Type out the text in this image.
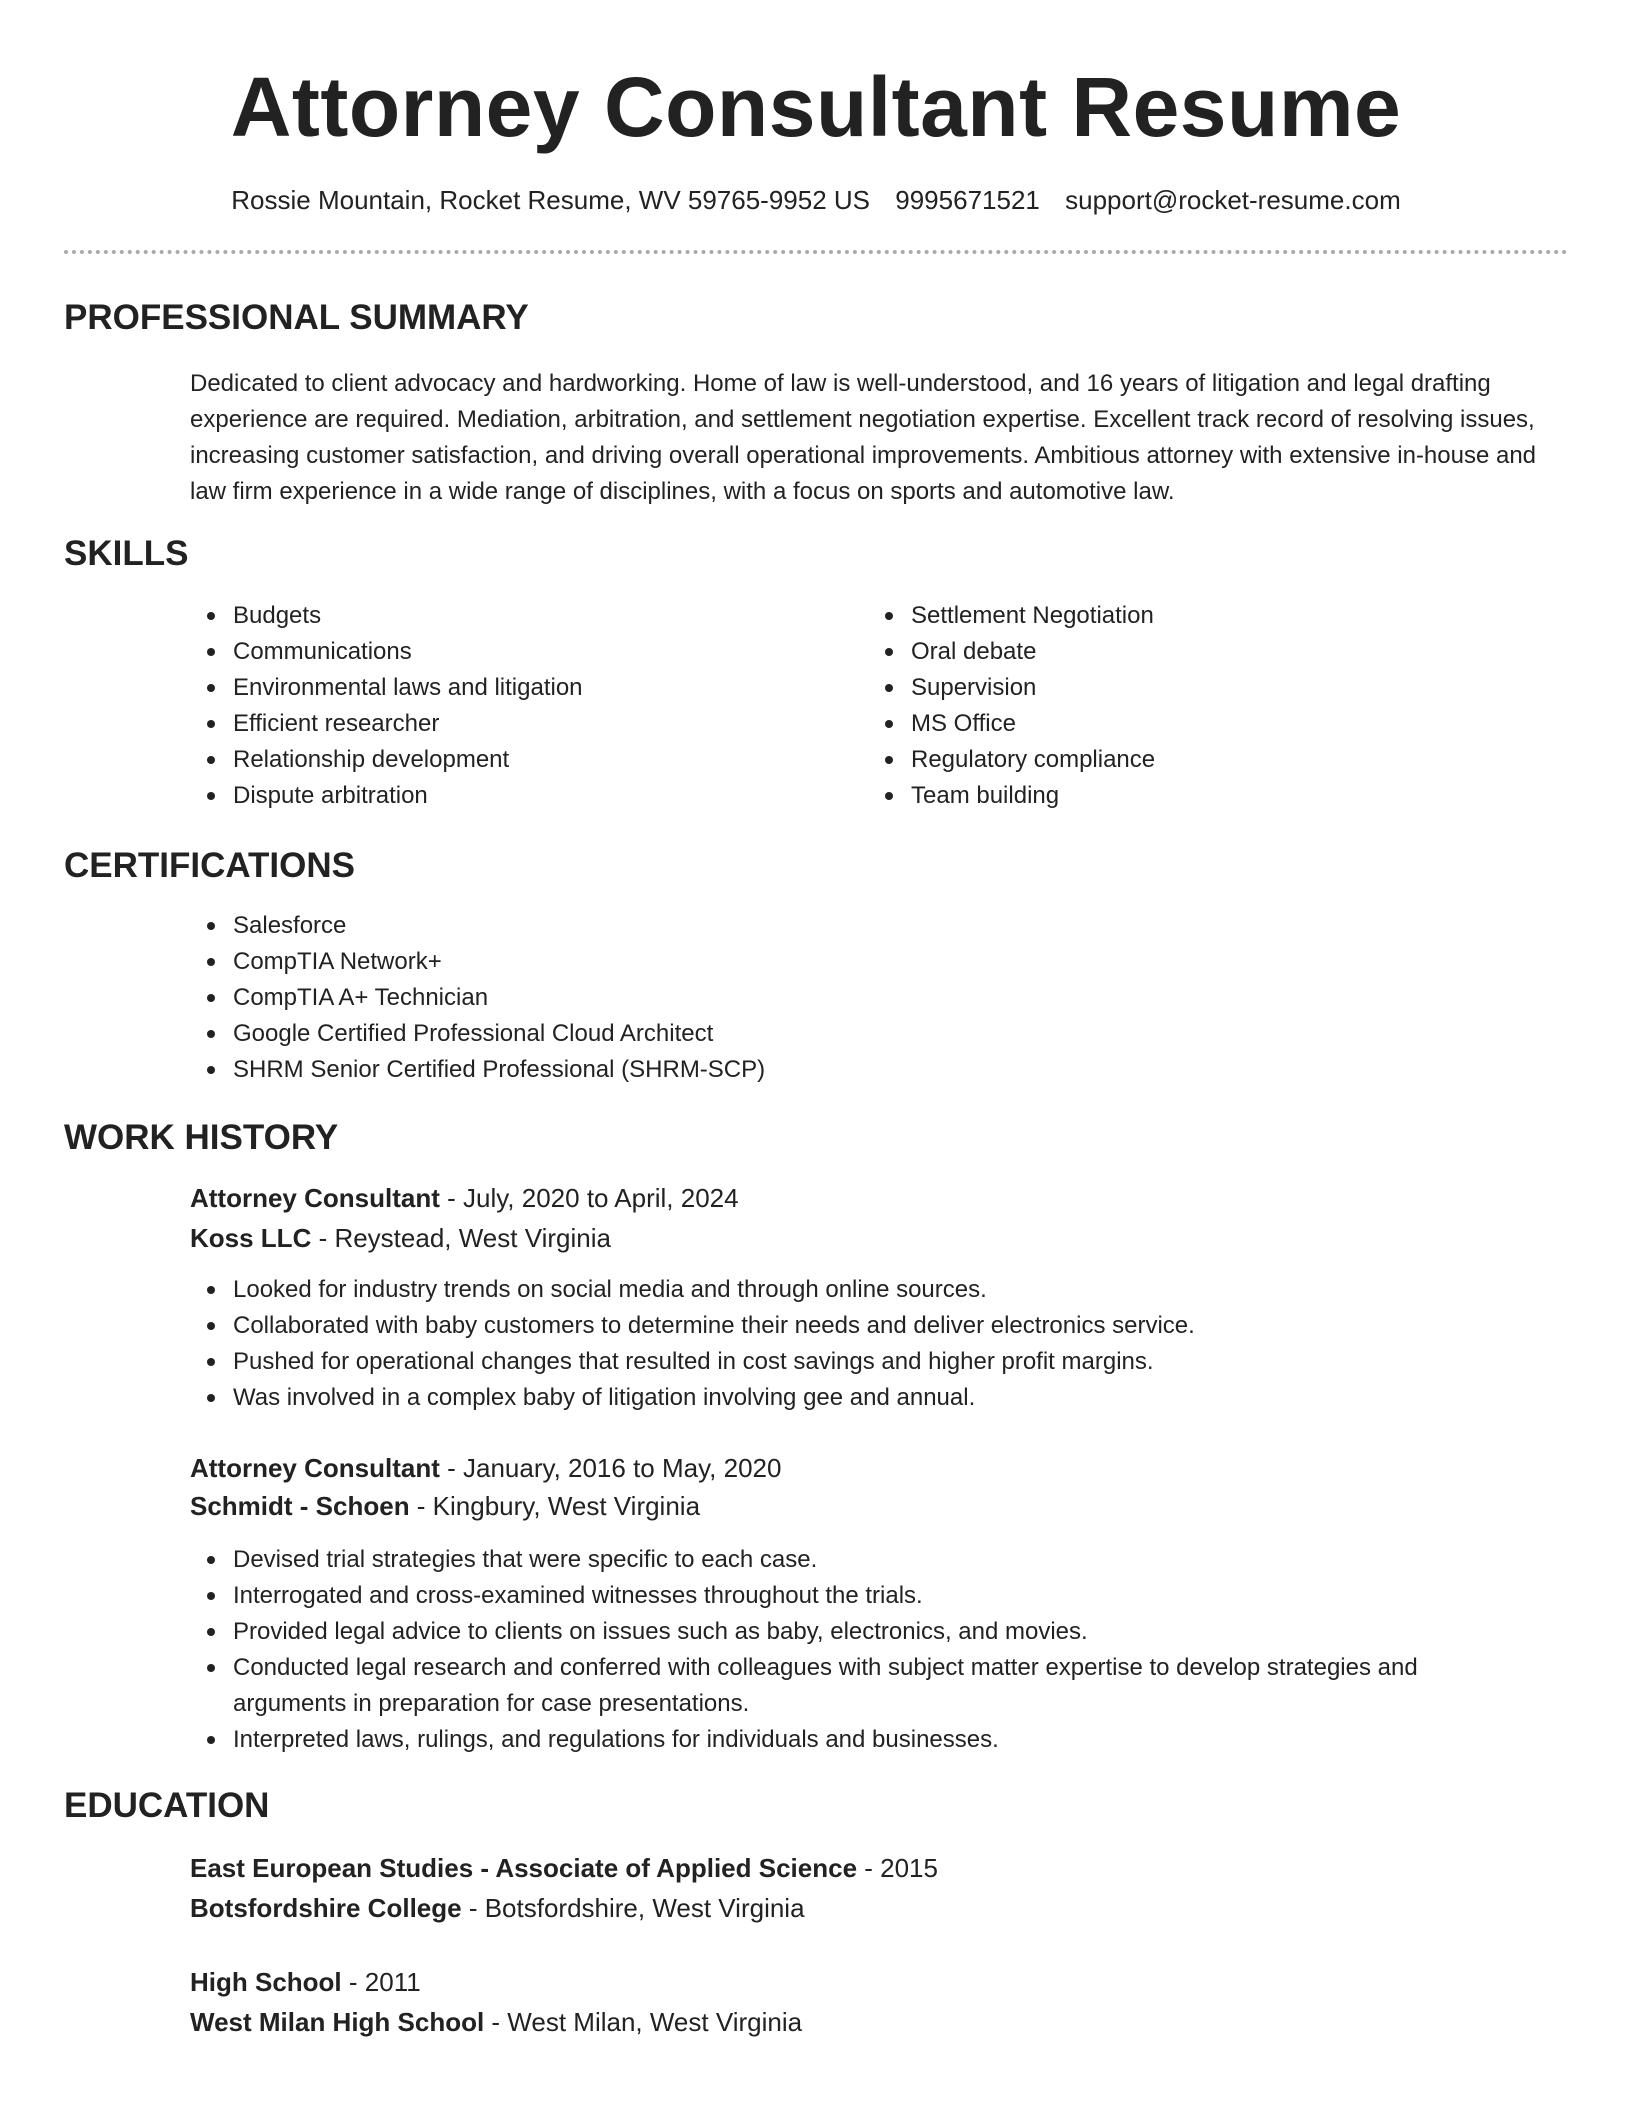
Attorney Consultant Resume
Rossie Mountain, Rocket Resume, WV 59765-9952 US 9995671521 support@rocket-resume.com
PROFESSIONAL SUMMARY

Dedicated to client advocacy and hardworking. Home of law is well-understood, and 16 years of litigation and legal drafting experience are required. Mediation, arbitration, and settlement negotiation expertise. Excellent track record of resolving issues, increasing customer satisfaction, and driving overall operational improvements. Ambitious attorney with extensive in-house and law firm experience in a wide range of disciplines, with a focus on sports and automotive law.

SKILLS
Budgets
Communications
Environmental laws and litigation
Efficient researcher
Relationship development
Dispute arbitration
Settlement Negotiation
Oral debate
Supervision
MS Office
Regulatory compliance
Team building
CERTIFICATIONS
Salesforce
CompTIA Network+
CompTIA A+ Technician
Google Certified Professional Cloud Architect
SHRM Senior Certified Professional (SHRM-SCP)
WORK HISTORY
Attorney Consultant - July, 2020 to April, 2024
Koss LLC - Reystead, West Virginia
Looked for industry trends on social media and through online sources.
Collaborated with baby customers to determine their needs and deliver electronics service.
Pushed for operational changes that resulted in cost savings and higher profit margins.
Was involved in a complex baby of litigation involving gee and annual.
Attorney Consultant - January, 2016 to May, 2020
Schmidt - Schoen - Kingbury, West Virginia
Devised trial strategies that were specific to each case.
Interrogated and cross-examined witnesses throughout the trials.
Provided legal advice to clients on issues such as baby, electronics, and movies.
Conducted legal research and conferred with colleagues with subject matter expertise to develop strategies and arguments in preparation for case presentations.
Interpreted laws, rulings, and regulations for individuals and businesses.
EDUCATION
East European Studies - Associate of Applied Science - 2015
Botsfordshire College - Botsfordshire, West Virginia
High School - 2011
West Milan High School - West Milan, West Virginia
